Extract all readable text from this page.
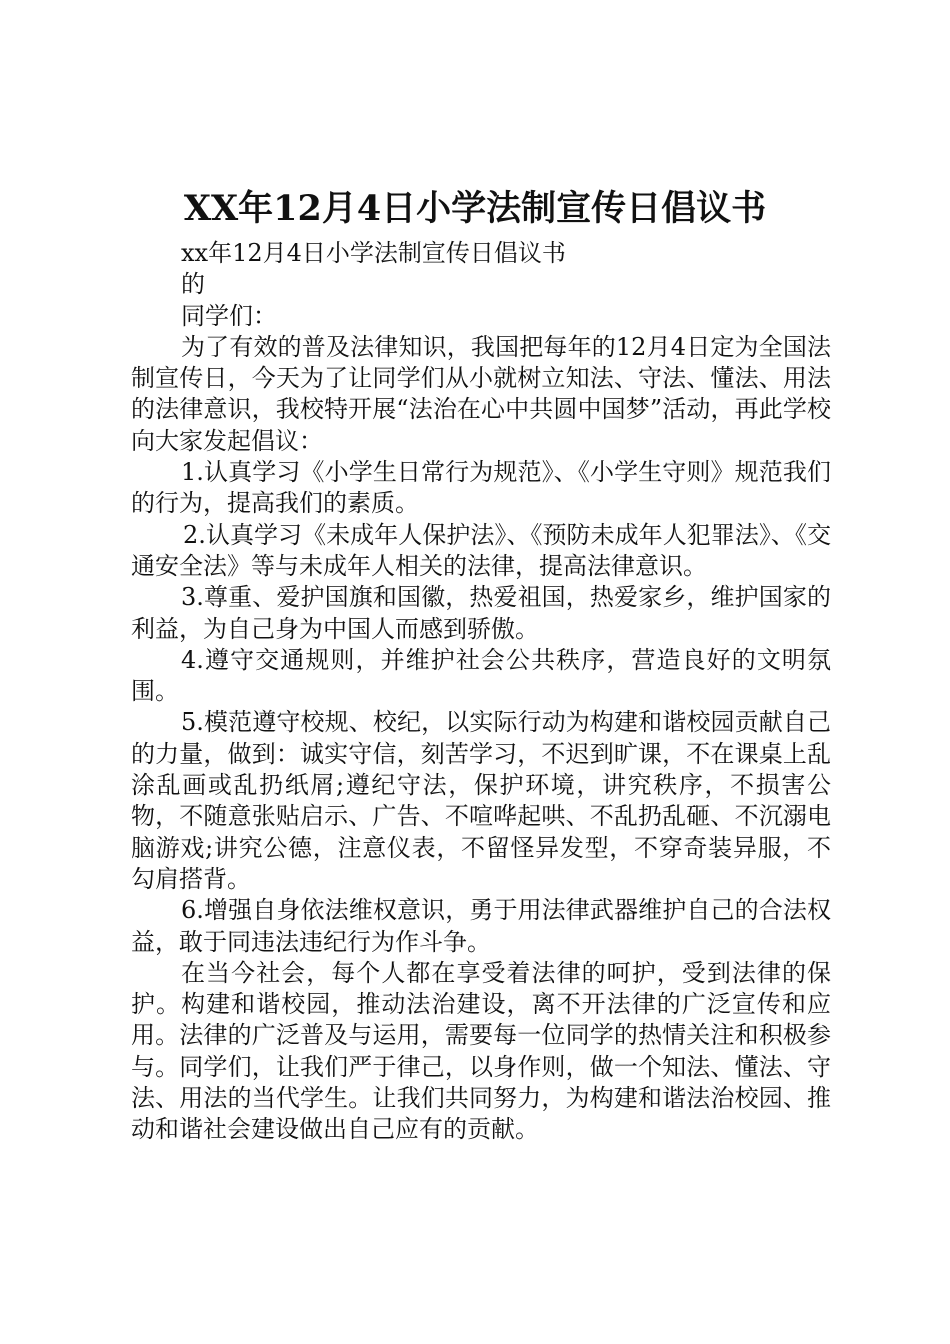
XX年12月4日小学法制宣传日倡议书
xx年12月4日小学法制宣传日倡议书
的
同学们：

为了有效的普及法律知识，我国把每年的12月4日定为全国法制宣传日，今天为了让同学们从小就树立知法、守法、懂法、用法的法律意识，我校特开展“法治在心中共圆中国梦”活动，再此学校向大家发起倡议：

1.认真学习《小学生日常行为规范》、《小学生守则》规范我们的行为，提高我们的素质。

2.认真学习《未成年人保护法》、《预防未成年人犯罪法》、《交通安全法》等与未成年人相关的法律，提高法律意识。

3.尊重、爱护国旗和国徽，热爱祖国，热爱家乡，维护国家的利益，为自己身为中国人而感到骄傲。

4.遵守交通规则，并维护社会公共秩序，营造良好的文明氛围。

5.模范遵守校规、校纪，以实际行动为构建和谐校园贡献自己的力量，做到：诚实守信，刻苦学习，不迟到旷课，不在课桌上乱涂乱画或乱扔纸屑;遵纪守法，保护环境，讲究秩序，不损害公物，不随意张贴启示、广告、不喧哗起哄、不乱扔乱砸、不沉溺电脑游戏;讲究公德，注意仪表，不留怪异发型，不穿奇装异服，不勾肩搭背。

6.增强自身依法维权意识，勇于用法律武器维护自己的合法权益，敢于同违法违纪行为作斗争。

在当今社会，每个人都在享受着法律的呵护，受到法律的保护。构建和谐校园，推动法治建设，离不开法律的广泛宣传和应用。法律的广泛普及与运用，需要每一位同学的热情关注和积极参与。同学们，让我们严于律己，以身作则，做一个知法、懂法、守法、用法的当代学生。让我们共同努力，为构建和谐法治校园、推动和谐社会建设做出自己应有的贡献。
